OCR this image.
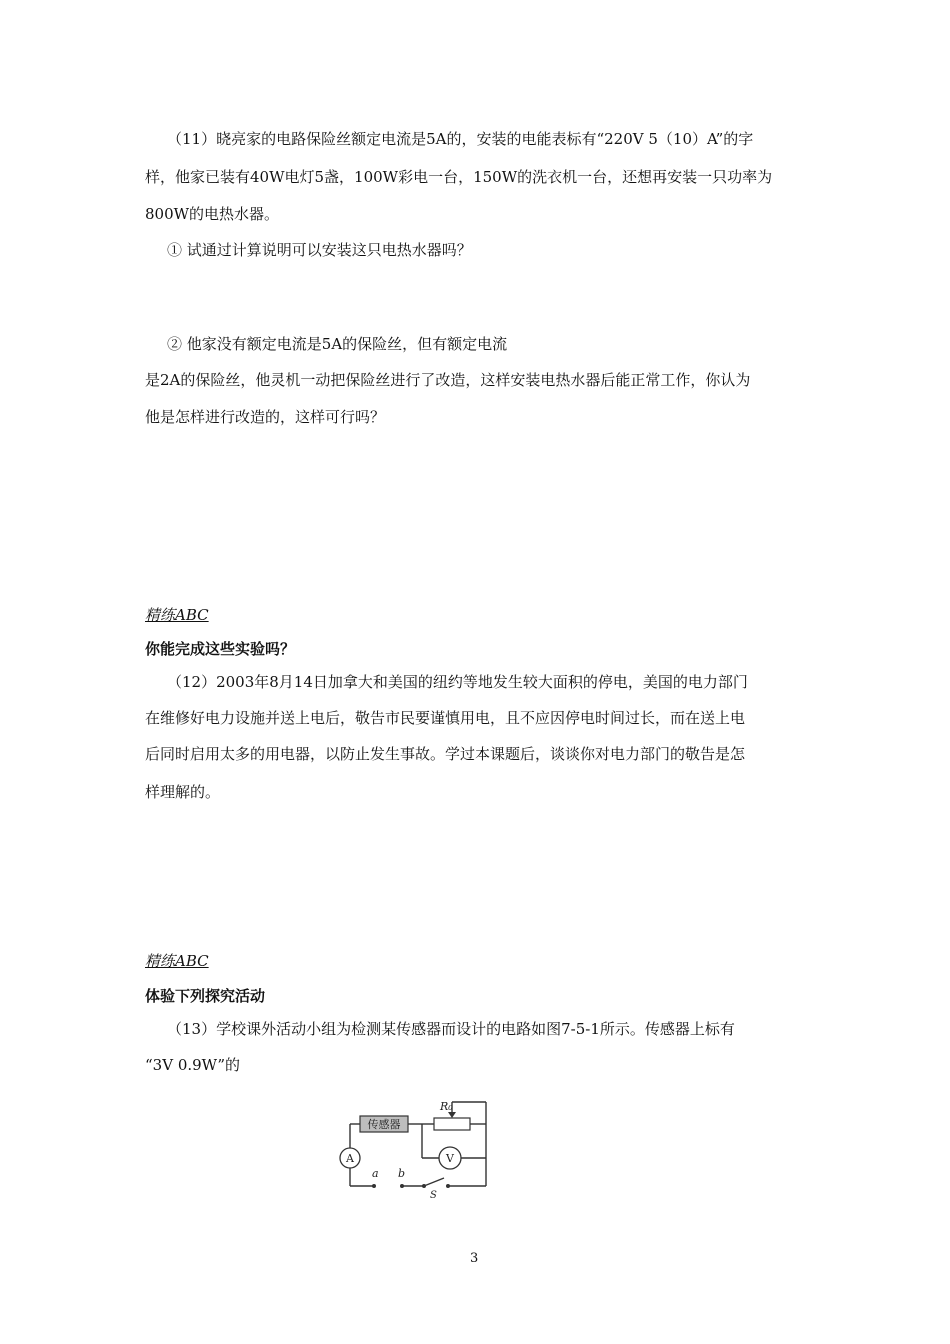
（11）晓亮家的电路保险丝额定电流是5A的，安装的电能表标有“220V 5（10）A”的字
样，他家已装有40W电灯5盏，100W彩电一台，150W的洗衣机一台，还想再安装一只功率为
800W的电热水器。
① 试通过计算说明可以安装这只电热水器吗？
② 他家没有额定电流是5A的保险丝，但有额定电流
是2A的保险丝，他灵机一动把保险丝进行了改造，这样安装电热水器后能正常工作，你认为
他是怎样进行改造的，这样可行吗？
精练ABC
你能完成这些实验吗？
（12）2003年8月14日加拿大和美国的纽约等地发生较大面积的停电，美国的电力部门
在维修好电力设施并送上电后，敬告市民要谨慎用电，且不应因停电时间过长，而在送上电
后同时启用太多的用电器，以防止发生事故。学过本课题后，谈谈你对电力部门的敬告是怎
样理解的。
精练ABC
体验下列探究活动
（13）学校课外活动小组为检测某传感器而设计的电路如图7-5-1所示。传感器上标有
“3V 0.9W”的
传感器
R₀
A	V
a b
S
3
